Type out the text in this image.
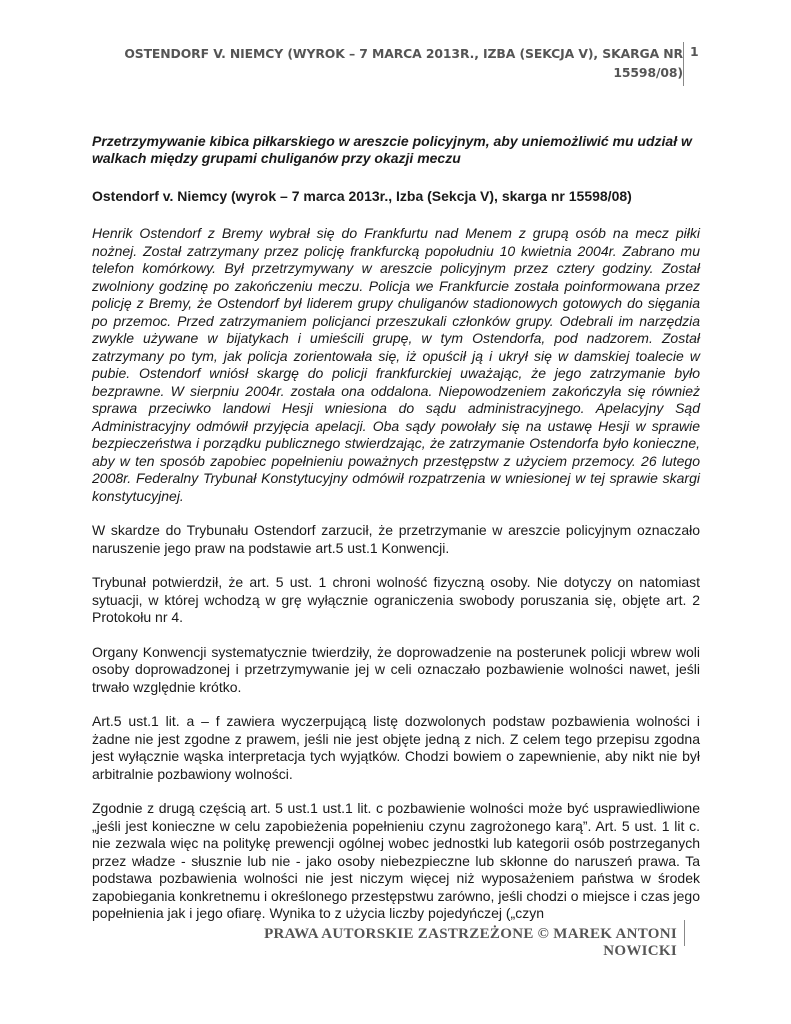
OSTENDORF V. NIEMCY (WYROK – 7 MARCA 2013R., IZBA (SEKCJA V), SKARGA NR
15598/08)
1

Przetrzymywanie kibica piłkarskiego w areszcie policyjnym, aby uniemożliwić mu udział w walkach między grupami chuliganów przy okazji meczu

Ostendorf v. Niemcy (wyrok – 7 marca 2013r., Izba (Sekcja V), skarga nr 15598/08)

Henrik Ostendorf z Bremy wybrał się do Frankfurtu nad Menem z grupą osób na mecz piłki nożnej. Został zatrzymany przez policję frankfurcką popołudniu 10 kwietnia 2004r. Zabrano mu telefon komórkowy. Był przetrzymywany w areszcie policyjnym przez cztery godziny. Został zwolniony godzinę po zakończeniu meczu. Policja we Frankfurcie została poinformowana przez policję z Bremy, że Ostendorf był liderem grupy chuliganów stadionowych gotowych do sięgania po przemoc. Przed zatrzymaniem policjanci przeszukali członków grupy. Odebrali im narzędzia zwykle używane w bijatykach i umieścili grupę, w tym Ostendorfa, pod nadzorem. Został zatrzymany po tym, jak policja zorientowała się, iż opuścił ją i ukrył się w damskiej toalecie w pubie. Ostendorf wniósł skargę do policji frankfurckiej uważając, że jego zatrzymanie było bezprawne. W sierpniu 2004r. została ona oddalona. Niepowodzeniem zakończyła się również sprawa przeciwko landowi Hesji wniesiona do sądu administracyjnego. Apelacyjny Sąd Administracyjny odmówił przyjęcia apelacji. Oba sądy powołały się na ustawę Hesji w sprawie bezpieczeństwa i porządku publicznego stwierdzając, że zatrzymanie Ostendorfa było konieczne, aby w ten sposób zapobiec popełnieniu poważnych przestępstw z użyciem przemocy. 26 lutego 2008r. Federalny Trybunał Konstytucyjny odmówił rozpatrzenia w wniesionej w tej sprawie skargi konstytucyjnej.

W skardze do Trybunału Ostendorf zarzucił, że przetrzymanie w areszcie policyjnym oznaczało naruszenie jego praw na podstawie art.5 ust.1 Konwencji.

Trybunał potwierdził, że art. 5 ust. 1 chroni wolność fizyczną osoby. Nie dotyczy on natomiast sytuacji, w której wchodzą w grę wyłącznie ograniczenia swobody poruszania się, objęte art. 2 Protokołu nr 4.

Organy Konwencji systematycznie twierdziły, że doprowadzenie na posterunek policji wbrew woli osoby doprowadzonej i przetrzymywanie jej w celi oznaczało pozbawienie wolności nawet, jeśli trwało względnie krótko.

Art.5 ust.1 lit. a – f zawiera wyczerpującą listę dozwolonych podstaw pozbawienia wolności i żadne nie jest zgodne z prawem, jeśli nie jest objęte jedną z nich. Z celem tego przepisu zgodna jest wyłącznie wąska interpretacja tych wyjątków. Chodzi bowiem o zapewnienie, aby nikt nie był arbitralnie pozbawiony wolności.

Zgodnie z drugą częścią art. 5 ust.1 ust.1 lit. c pozbawienie wolności może być usprawiedliwione „jeśli jest konieczne w celu zapobieżenia popełnieniu czynu zagrożonego karą”. Art. 5 ust. 1 lit c. nie zezwala więc na politykę prewencji ogólnej wobec jednostki lub kategorii osób postrzeganych przez władze - słusznie lub nie - jako osoby niebezpieczne lub skłonne do naruszeń prawa. Ta podstawa pozbawienia wolności nie jest niczym więcej niż wyposażeniem państwa w środek zapobiegania konkretnemu i określonego przestępstwu zarówno, jeśli chodzi o miejsce i czas jego popełnienia jak i jego ofiarę. Wynika to z użycia liczby pojedyńczej („czyn

PRAWA AUTORSKIE ZASTRZEŻONE © MAREK ANTONI NOWICKI
